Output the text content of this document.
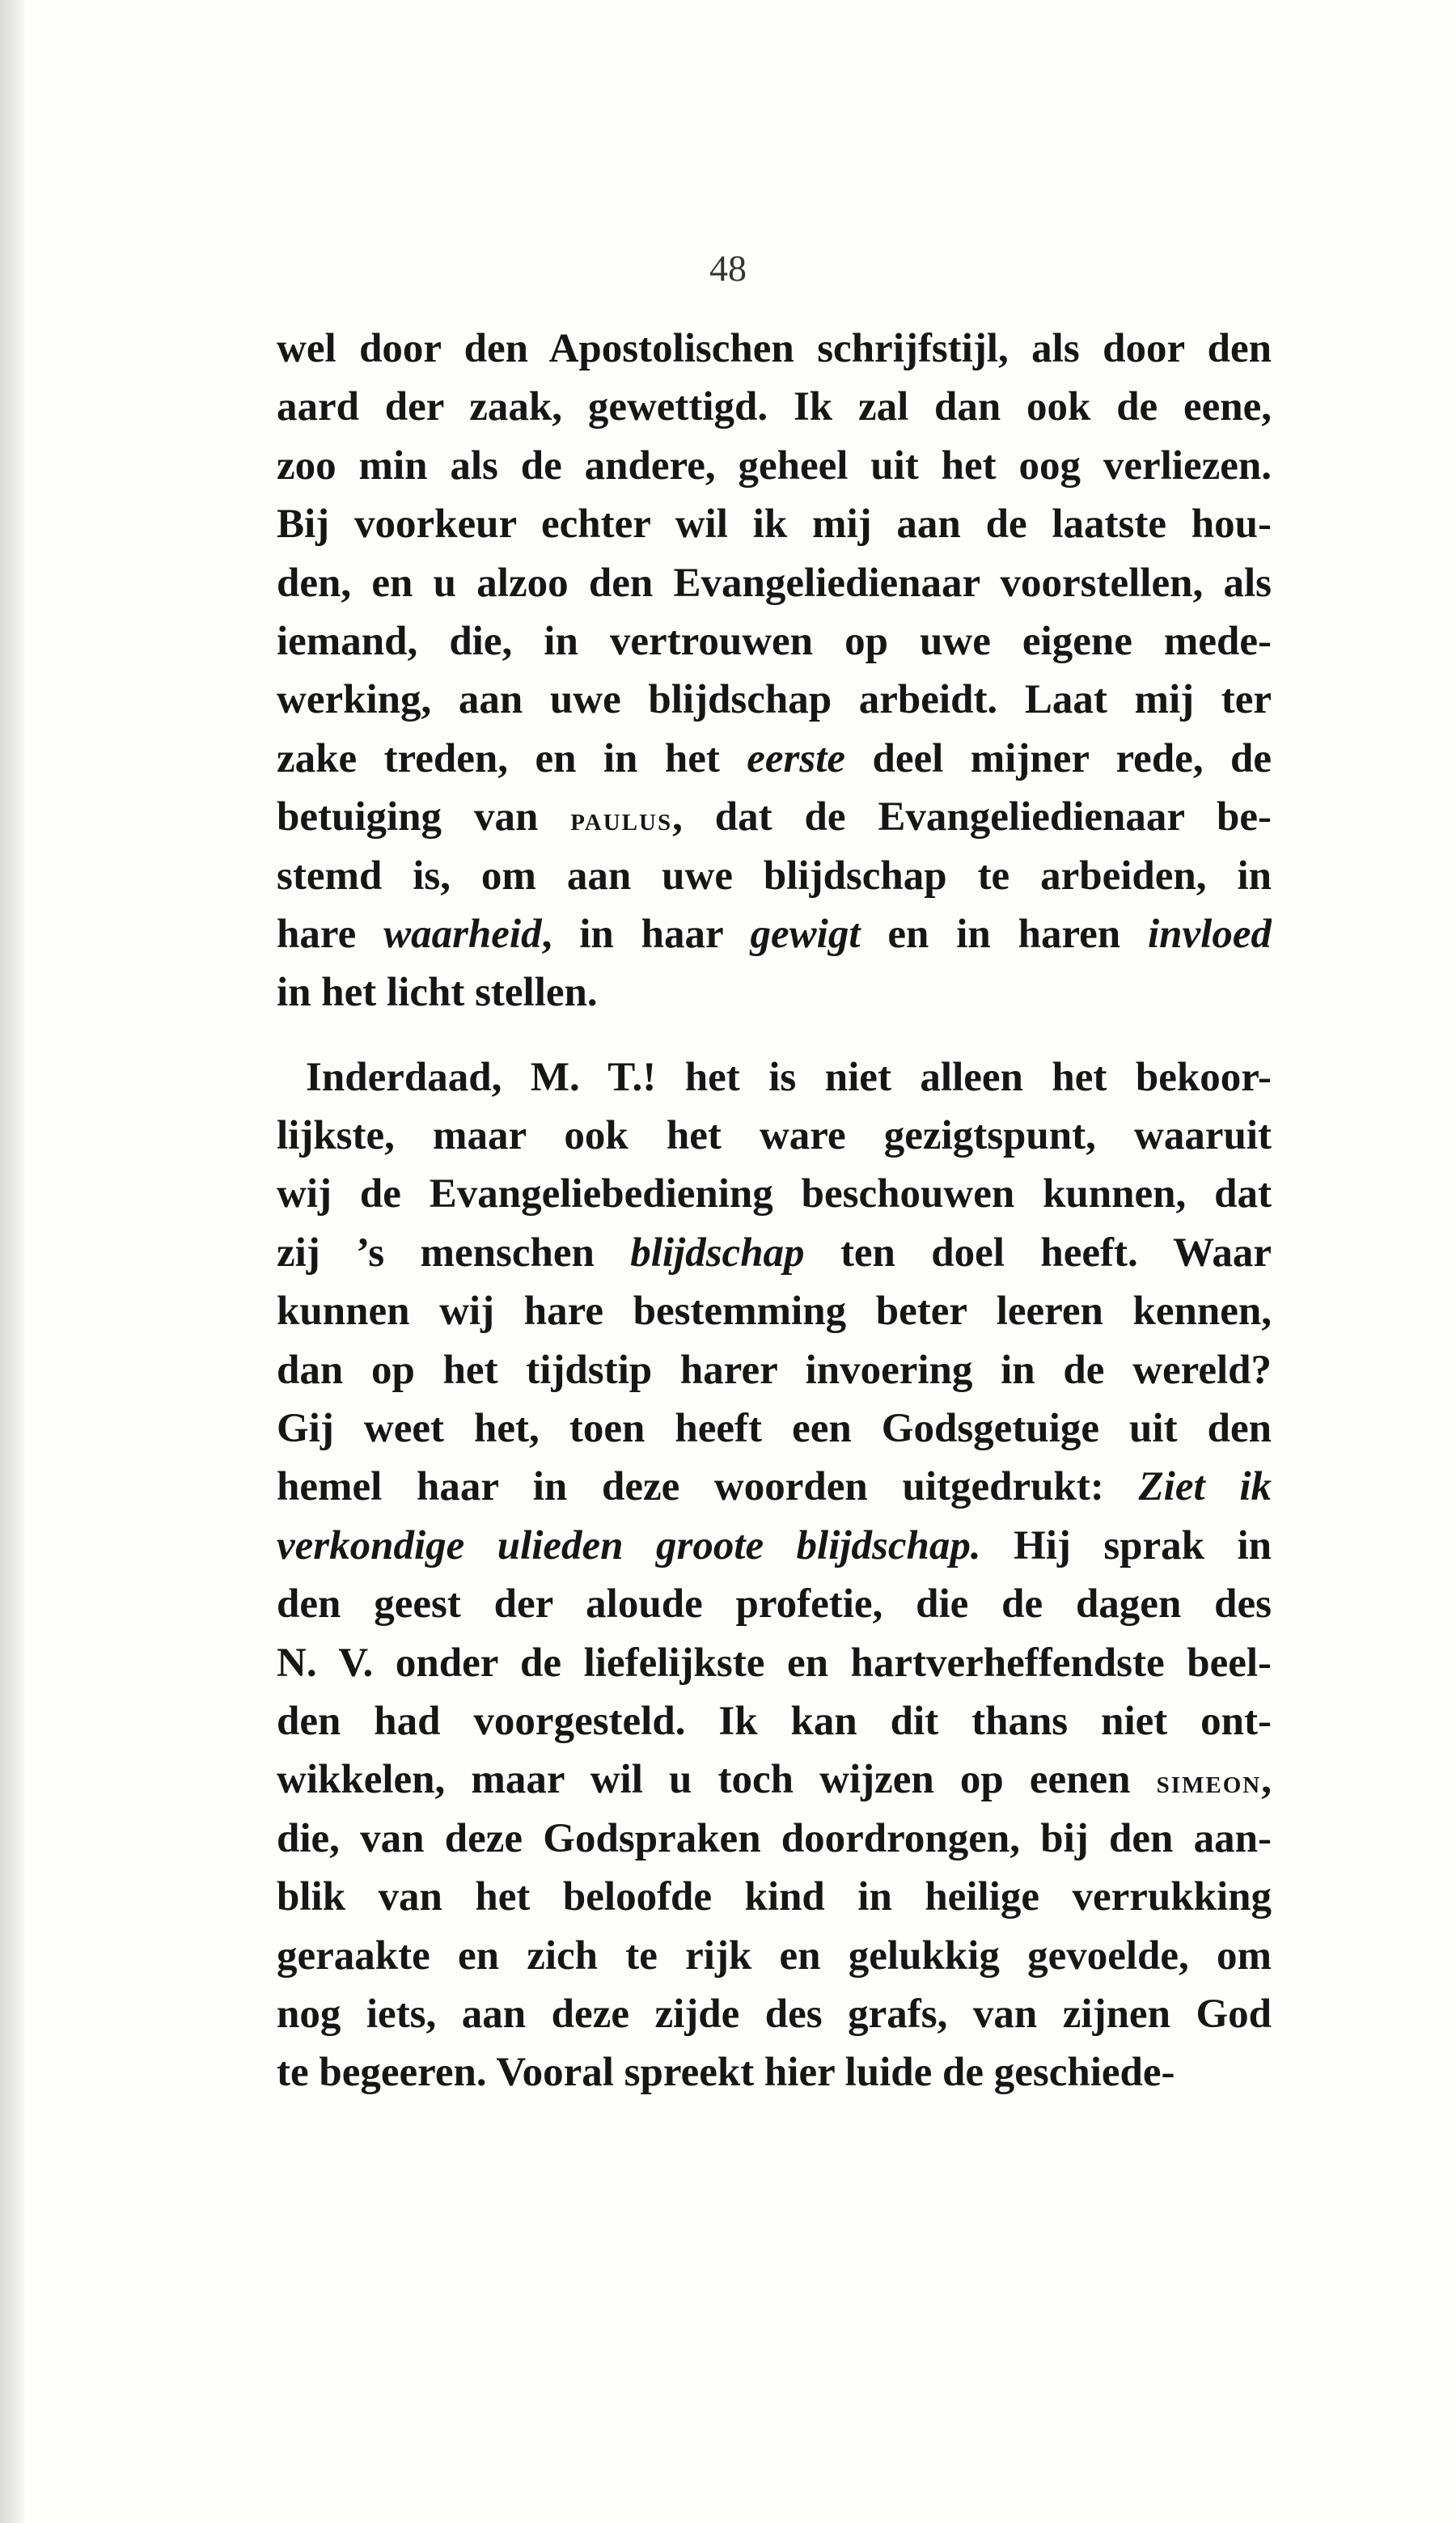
48
wel door den Apostolischen schrijfstijl, als door den
aard der zaak, gewettigd. Ik zal dan ook de eene,
zoo min als de andere, geheel uit het oog verliezen.
Bij voorkeur echter wil ik mij aan de laatste hou-
den, en u alzoo den Evangeliedienaar voorstellen, als
iemand, die, in vertrouwen op uwe eigene mede-
werking, aan uwe blijdschap arbeidt. Laat mij ter
zake treden, en in het eerste deel mijner rede, de
betuiging van paulus, dat de Evangeliedienaar be-
stemd is, om aan uwe blijdschap te arbeiden, in
hare waarheid, in haar gewigt en in haren invloed
in het licht stellen.
Inderdaad, M. T.! het is niet alleen het bekoor-
lijkste, maar ook het ware gezigtspunt, waaruit
wij de Evangeliebediening beschouwen kunnen, dat
zij ’s menschen blijdschap ten doel heeft. Waar
kunnen wij hare bestemming beter leeren kennen,
dan op het tijdstip harer invoering in de wereld?
Gij weet het, toen heeft een Godsgetuige uit den
hemel haar in deze woorden uitgedrukt: Ziet ik
verkondige ulieden groote blijdschap. Hij sprak in
den geest der aloude profetie, die de dagen des
N. V. onder de liefelijkste en hartverheffendste beel-
den had voorgesteld. Ik kan dit thans niet ont-
wikkelen, maar wil u toch wijzen op eenen simeon,
die, van deze Godspraken doordrongen, bij den aan-
blik van het beloofde kind in heilige verrukking
geraakte en zich te rijk en gelukkig gevoelde, om
nog iets, aan deze zijde des grafs, van zijnen God
te begeeren. Vooral spreekt hier luide de geschiede-
